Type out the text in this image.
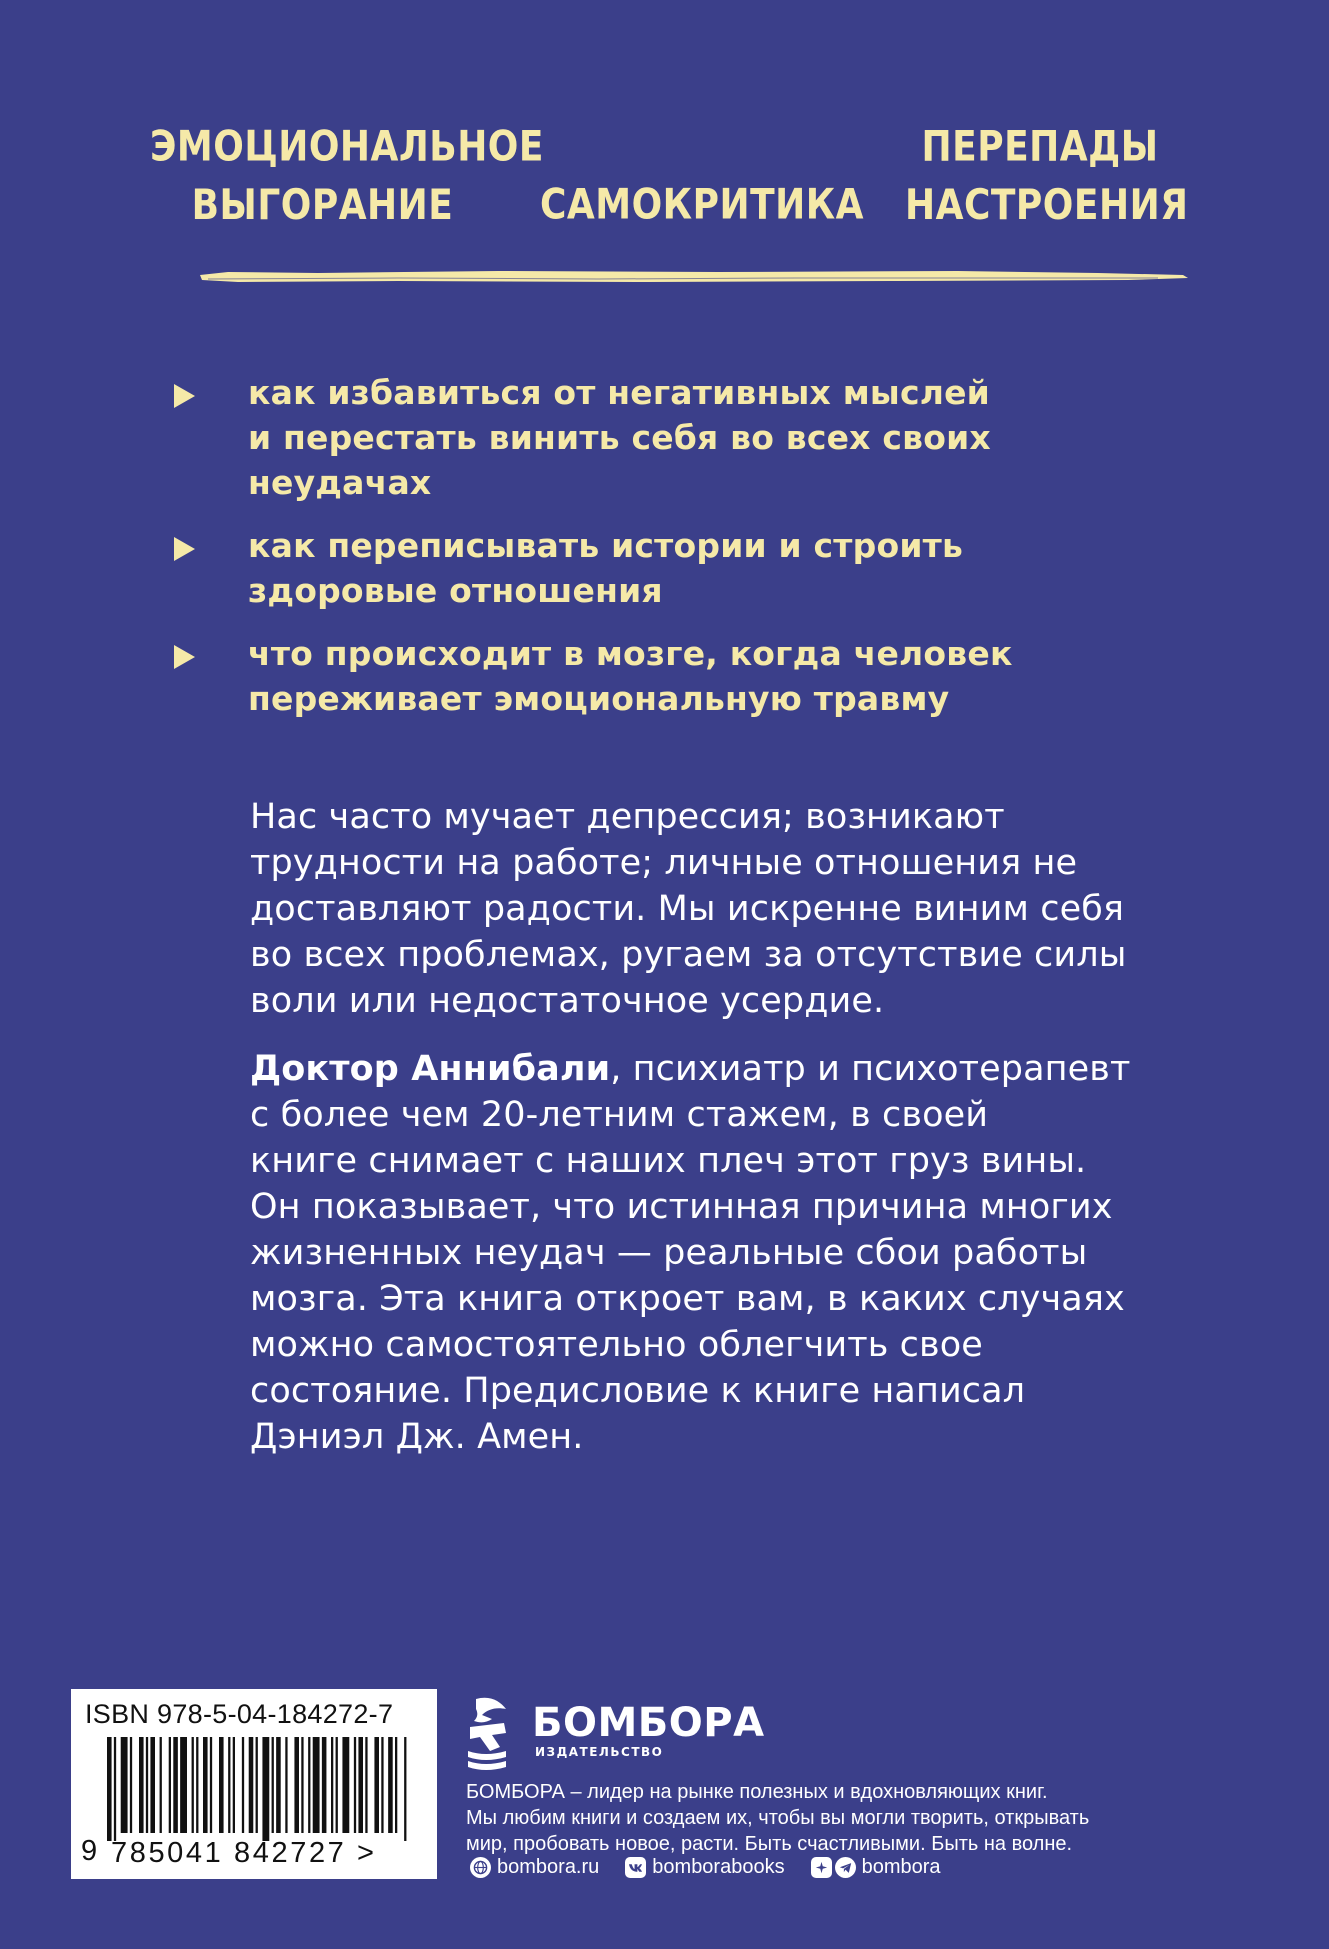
ЭМОЦИОНАЛЬНОЕ
ВЫГОРАНИЕ	САМОКРИТИКА
ПЕРЕПАДЫ
НАСТРОЕНИЯ
как избавиться от негативных мыслей
и перестать винить себя во всех своих
неудачах
как переписывать истории и строить
здоровые отношения
что происходит в мозге, когда человек
переживает эмоциональную травму
Нас часто мучает депрессия; возникают
трудности на работе; личные отношения не
доставляют радости. Мы искренне виним себя
во всех проблемах, ругаем за отсутствие силы
воли или недостаточное усердие.
Доктор Аннибали, психиатр и психотерапевт
с более чем 20-летним стажем, в своей
книге снимает с наших плеч этот груз вины.
Он показывает, что истинная причина многих
жизненных неудач — реальные сбои работы
мозга. Эта книга откроет вам, в каких случаях
можно самостоятельно облегчить свое
состояние. Предисловие к книге написал
Дэниэл Дж. Амен.
ISBN 978-5-04-184272-7
9 785041 842727 >
БОМБОРА
ИЗДАТЕЛЬСТВО
БОМБОРА – лидер на рынке полезных и вдохновляющих книг.
Мы любим книги и создаем их, чтобы вы могли творить, открывать
мир, пробовать новое, расти. Быть счастливыми. Быть на волне.
bombora.ru	bomborabooks	bombora
